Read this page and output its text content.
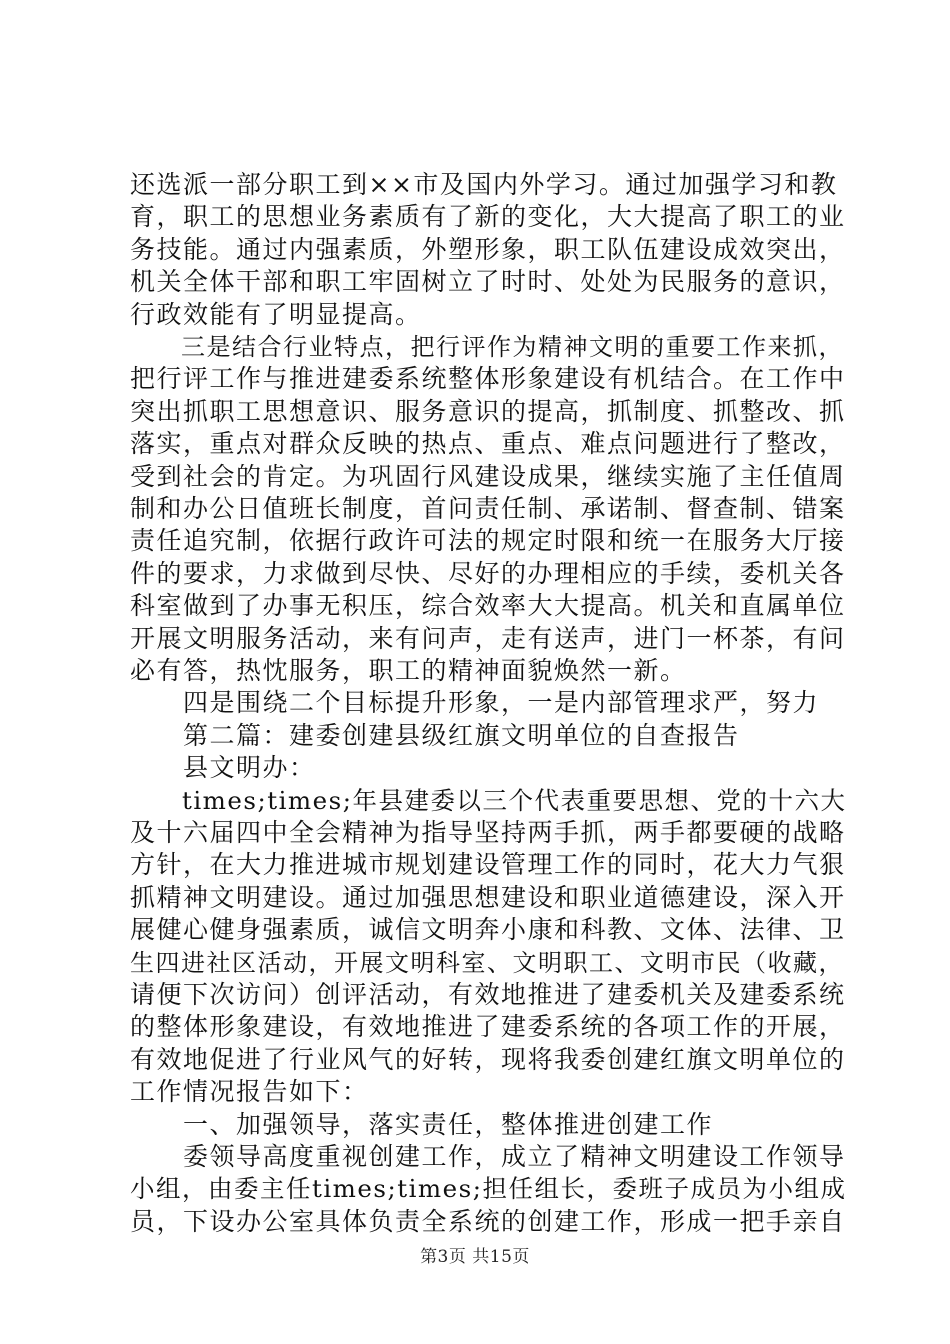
还选派一部分职工到××市及国内外学习。通过加强学习和教
育，职工的思想业务素质有了新的变化，大大提高了职工的业
务技能。通过内强素质，外塑形象，职工队伍建设成效突出，
机关全体干部和职工牢固树立了时时、处处为民服务的意识，
行政效能有了明显提高。
　　三是结合行业特点，把行评作为精神文明的重要工作来抓，
把行评工作与推进建委系统整体形象建设有机结合。在工作中
突出抓职工思想意识、服务意识的提高，抓制度、抓整改、抓
落实，重点对群众反映的热点、重点、难点问题进行了整改，
受到社会的肯定。为巩固行风建设成果，继续实施了主任值周
制和办公日值班长制度，首问责任制、承诺制、督查制、错案
责任追究制，依据行政许可法的规定时限和统一在服务大厅接
件的要求，力求做到尽快、尽好的办理相应的手续，委机关各
科室做到了办事无积压，综合效率大大提高。机关和直属单位
开展文明服务活动，来有问声，走有送声，进门一杯茶，有问
必有答，热忱服务，职工的精神面貌焕然一新。
　　四是围绕二个目标提升形象，一是内部管理求严，努力
　　第二篇：建委创建县级红旗文明单位的自查报告
　　县文明办：
　　times;times;年县建委以三个代表重要思想、党的十六大
及十六届四中全会精神为指导坚持两手抓，两手都要硬的战略
方针，在大力推进城市规划建设管理工作的同时，花大力气狠
抓精神文明建设。通过加强思想建设和职业道德建设，深入开
展健心健身强素质，诚信文明奔小康和科教、文体、法律、卫
生四进社区活动，开展文明科室、文明职工、文明市民（收藏，
请便下次访问）创评活动，有效地推进了建委机关及建委系统
的整体形象建设，有效地推进了建委系统的各项工作的开展，
有效地促进了行业风气的好转，现将我委创建红旗文明单位的
工作情况报告如下：
　　一、加强领导，落实责任，整体推进创建工作
　　委领导高度重视创建工作，成立了精神文明建设工作领导
小组，由委主任times;times;担任组长，委班子成员为小组成
员，下设办公室具体负责全系统的创建工作，形成一把手亲自
第3页 共15页
